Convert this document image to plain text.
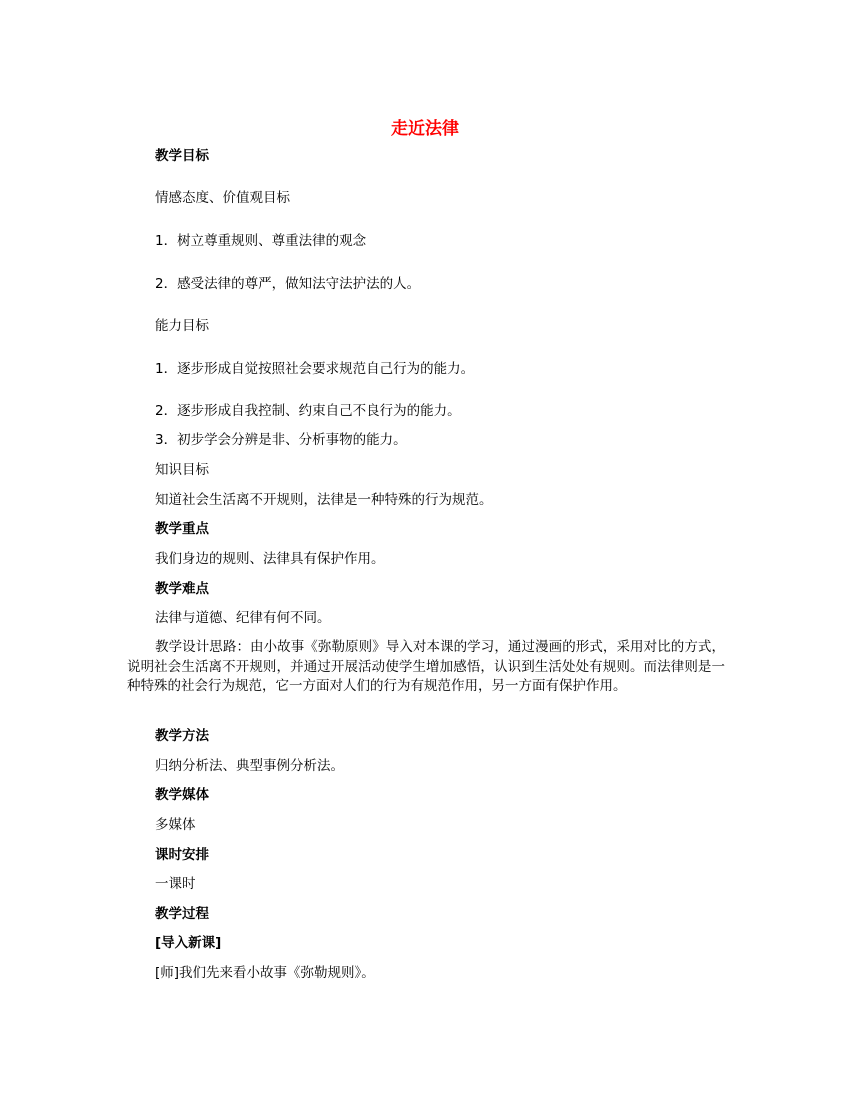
走近法律
教学目标
情感态度、价值观目标
1．树立尊重规则、尊重法律的观念
2．感受法律的尊严，做知法守法护法的人。
能力目标
1．逐步形成自觉按照社会要求规范自己行为的能力。
2．逐步形成自我控制、约束自己不良行为的能力。
3．初步学会分辨是非、分析事物的能力。
知识目标
知道社会生活离不开规则，法律是一种特殊的行为规范。
教学重点
我们身边的规则、法律具有保护作用。
教学难点
法律与道德、纪律有何不同。
教学设计思路：由小故事《弥勒原则》导入对本课的学习，通过漫画的形式，采用对比的方式，说明社会生活离不开规则，并通过开展活动使学生增加感悟，认识到生活处处有规则。而法律则是一种特殊的社会行为规范，它一方面对人们的行为有规范作用，另一方面有保护作用。
教学方法
归纳分析法、典型事例分析法。
教学媒体
多媒体
课时安排
一课时
教学过程
[导入新课]
[师]我们先来看小故事《弥勒规则》。
